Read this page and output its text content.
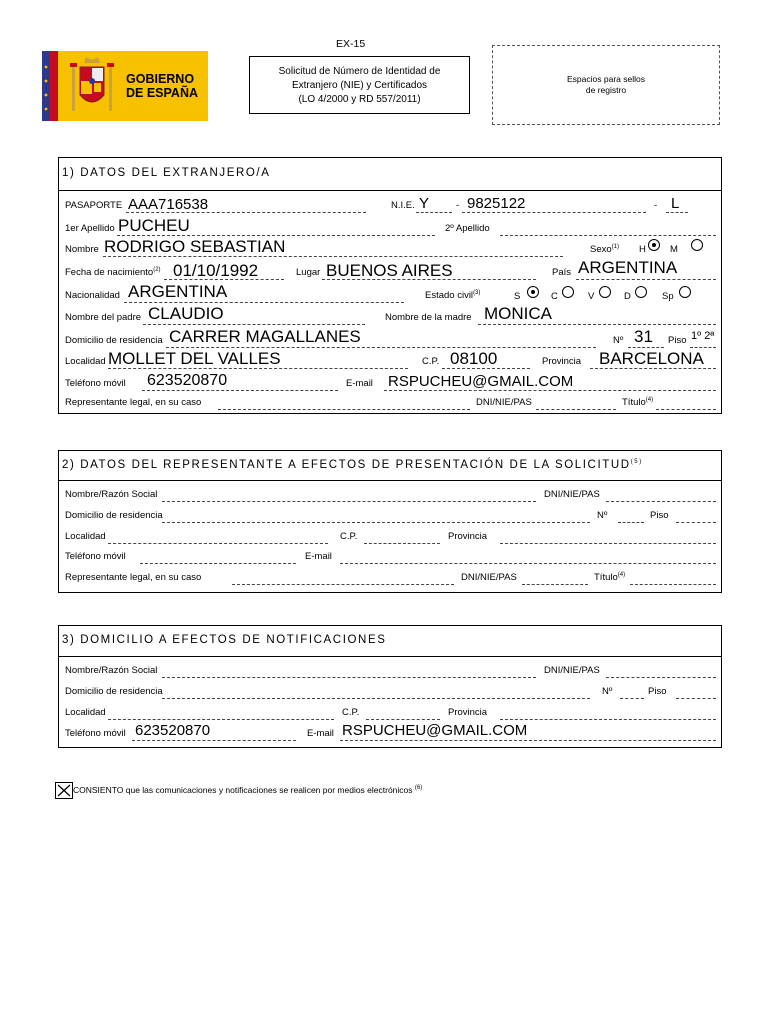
EX-15
GOBIERNO
DE ESPAÑA
Solicitud de Número de Identidad de
Extranjero (NIE) y Certificados
(LO 4/2000 y RD 557/2011)
Espacios para sellos
de registro
1) DATOS DEL EXTRANJERO/A
PASAPORTE AAA716538	N.I.E. Y	- 9825122	- L
1er Apellido PUCHEU	2º Apellido
Nombre RODRIGO SEBASTIAN	Sexo$^{(1)}$ H	M
Fecha de nacimiento$^{(2)}$ 01/10/1992	Lugar BUENOS AIRES	País ARGENTINA
Nacionalidad ARGENTINA	Estado civil$^{(3)}$	S	C	V	D	Sp
Nombre del padre CLAUDIO	Nombre de la madre MONICA
Domicilio de residencia CARRER MAGALLANES	Nº 31 Piso 1º 2ª
Localidad MOLLET DEL VALLES	C.P. 08100	Provincia BARCELONA
Teléfono móvil 623520870	E-mail RSPUCHEU@GMAIL.COM
Representante legal, en su caso	DNI/NIE/PAS	Título$^{(4)}$
2) DATOS DEL REPRESENTANTE A EFECTOS DE PRESENTACIÓN DE LA SOLICITUD$^{(5)}$
Nombre/Razón Social	DNI/NIE/PAS
Domicilio de residencia	Nº	Piso
Localidad	C.P.	Provincia
Teléfono móvil	E-mail
Representante legal, en su caso	DNI/NIE/PAS	Título$^{(4)}$
3) DOMICILIO A EFECTOS DE NOTIFICACIONES
Nombre/Razón Social	DNI/NIE/PAS
Domicilio de residencia	Nº	Piso
Localidad	C.P.	Provincia
Teléfono móvil 623520870	E-mail RSPUCHEU@GMAIL.COM
CONSIENTO que las comunicaciones y notificaciones se realicen por medios electrónicos $^{(6)}$
